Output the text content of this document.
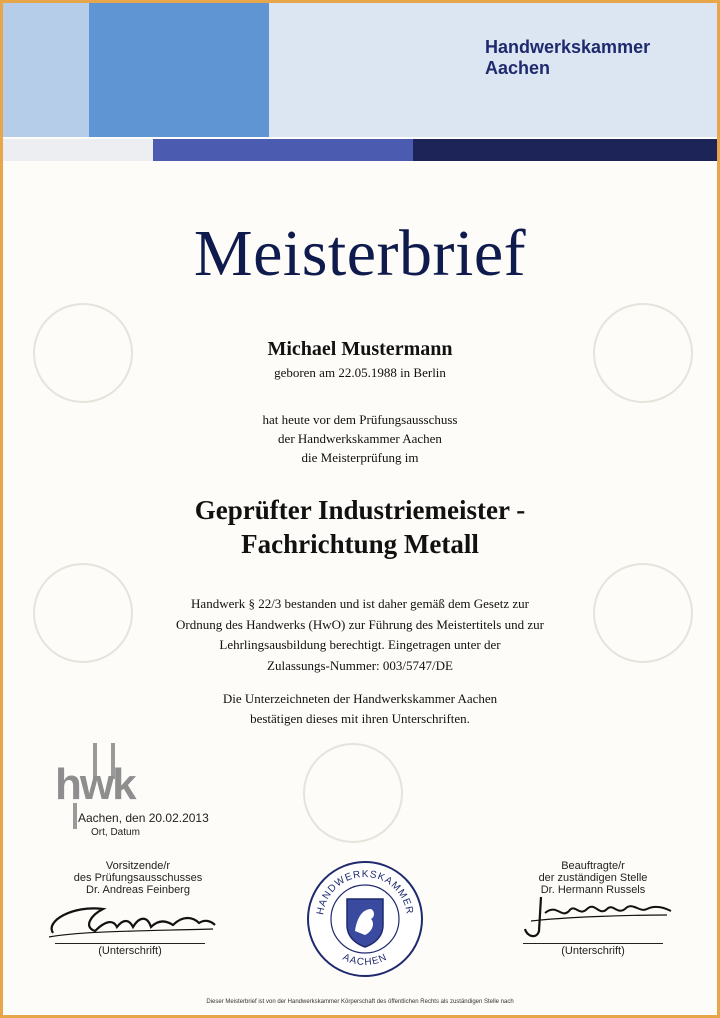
Handwerkskammer
Aachen
Meisterbrief
Michael Mustermann
geboren am 22.05.1988 in Berlin
hat heute vor dem Prüfungsausschuss
der Handwerkskammer Aachen
die Meisterprüfung im
Geprüfter Industriemeister -
Fachrichtung Metall
Handwerk § 22/3 bestanden und ist daher gemäß dem Gesetz zur
Ordnung des Handwerks (HwO) zur Führung des Meistertitels und zur
Lehrlingsausbildung berechtigt. Eingetragen unter der
Zulassungs-Nummer: 003/5747/DE
Die Unterzeichneten der Handwerkskammer Aachen
bestätigen dieses mit ihren Unterschriften.
hwk
Aachen, den 20.02.2013
Ort, Datum
Vorsitzende/r
des Prüfungsausschusses
Dr. Andreas Feinberg
(Unterschrift)
Beauftragte/r
der zuständigen Stelle
Dr. Hermann Russels
(Unterschrift)
HANDWERKSKAMMER
AACHEN
Dieser Meisterbrief ist von der Handwerkskammer Körperschaft des öffentlichen Rechts als zuständigen Stelle nach
